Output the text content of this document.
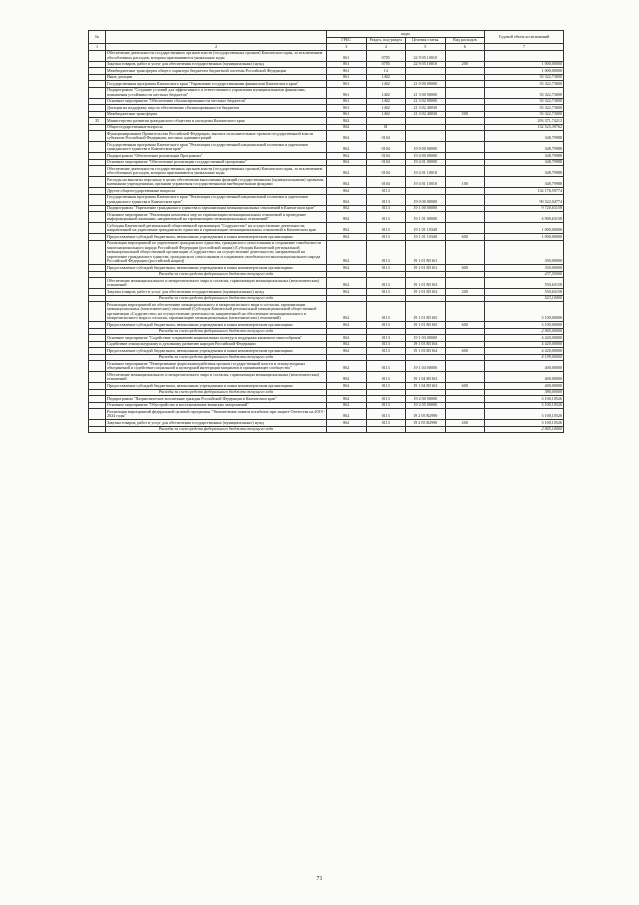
№		коды				Годовой объем ассигнований
		ГРБС	Раздел, под-раздел	Целевая статья	Вид расходов	
1	2	3	4	5	6	7
	Обеспечение деятельности государственных органов власти (государственных органов) Камчатского края, за исключением обособленных расходов, которым присваиваются уникальные коды	861	0705	22 9 05 10010		
	Закупка товаров, работ и услуг для обеспечения государственных (муниципальных) нужд	861	0705	22 9 05 10010	200	1 000,00000
	Межбюджетные трансферты общего характера бюджетам бюджетной системы Российской Федерации	861	14			1 000,00000
	Иные дотации	861	1402			35 322,73000
	Государственная программа Камчатского края "Управление государственными финансами Камчатского края"	861	1402	21 0 00 00000		35 322,73000
	Подпрограмма "Создание условий для эффективного и ответственного управления муниципальными финансами, повышения устойчивости местных бюджетов"	861	1402	21 3 00 00000		35 322,73000
	Основное мероприятие "Обеспечение сбалансированности местных бюджетов"	861	1402	21 3 02 00000		35 322,73000
	Дотации на поддержку мер по обеспечению сбалансированности бюджетов	861	1402	21 3 02 40030		35 322,73000
	Межбюджетные трансферты	861	1402	21 3 02 40030	500	35 322,73000
35	Министерство развития гражданского общества и молодежи Камчатского края	862				293 371,74212
	Общегосударственные вопросы	862	01			132 525,39762
	Функционирование Правительства Российской Федерации, высших исполнительных органов государственной власти субъектов Российской Федерации, местных администраций	862	0104			348,79988
	Государственная программа Камчатского края "Реализация государственной национальной политики и укрепление гражданского единства в Камчатском крае"	862	0104	19 0 00 00000		348,79988
	Подпрограмма "Обеспечение реализации Программы"	862	0104	19 4 00 00000		348,79988
	Основное мероприятие "Обеспечение реализации государственной программы"	862	0104	19 4 01 00000		348,79988
	Обеспечение деятельности государственных органов власти (государственных органов) Камчатского края, за исключением обособленных расходов, которым присваиваются уникальные коды	862	0104	19 4 01 10010		348,79988
	Расходы на выплаты персоналу в целях обеспечения выполнения функций государственными (муниципальными) органами, казенными учреждениями, органами управления государственными внебюджетными фондами	862	0104	19 4 01 10010	100	348,79988
	Другие общегосударственные вопросы	862	0113			132 176,59774
	Государственная программа Камчатского края "Реализация государственной национальной политики и укрепление гражданского единства в Камчатском крае"	862	0113	19 0 00 00000		90 322,04774
	Подпрограмма "Укрепление гражданского единства и гармонизация межнациональных отношений в Камчатском крае"	862	0113	19 1 00 00000		9 720,63158
	Основное мероприятие "Реализация комплекса мер по гармонизации межнациональных отношений и проведение информационной кампании, направленной на гармонизацию межнациональных отношений"	862	0113	19 1 01 00000		4 900,63158
	Субсидия Камчатской региональной общественной организации "Содружество" на осуществление деятельности, направленной на укрепление гражданского единства и гармонизацию межнациональных отношений в Камчатском крае	862	0113	19 1 01 10340		1 000,00000
	Предоставление субсидий бюджетным, автономным учреждениям и иным некоммерческим организациям	862	0113	19 1 01 10340	600	1 000,00000
	Реализация мероприятий по укреплению гражданского единства, гражданского самосознания и сохранение самобытности многонационального народа Российской Федерации (российской нации) (Субсидия Камчатской региональной межнациональной общественной организации «Содружество» на осуществление деятельности, направленной на укрепление гражданского единства, гражданского самосознания и сохранение самобытности многонационального народа Российской Федерации (российской нации))	862	0113	19 1 01 R5161		350,00000
	Предоставление субсидий бюджетным, автономным учреждениям и иным некоммерческим организациям	862	0113	19 1 01 R5161	600	350,00000
	Расходы за счет средств федерального бюджета текущего года					237,55000
	Обеспечение межнационального и межрелигиозного мира и согласия, гармонизации межнациональных (межэтнических) отношений	862	0113	19 1 01 R5163		550,63158
	Закупка товаров, работ и услуг для обеспечения государственных (муниципальных) нужд	862	0113	19 1 01 R5163	200	550,63158
	Расходы за счет средств федерального бюджета текущего года					523,10000
	Реализация мероприятий по обеспечению межнационального и межрелигиозного мира и согласия, гармонизации межнациональных (межэтнических) отношений (Субсидия Камчатской региональной межнациональной общественной организации «Содружество» на осуществление деятельности, направленной на обеспечение межнационального и межрелигиозного мира и согласия, гармонизацию межнациональных (межэтнических) отношений)	862	0113	19 1 01 R5165		3 100,00000
	Предоставление субсидий бюджетным, автономным учреждениям и иным некоммерческим организациям	862	0113	19 1 01 R5165	600	3 100,00000
	Расходы за счет средств федерального бюджета текущего года					2 945,00000
	Основное мероприятие "Содействие сохранению национальных культур и поддержка языкового многообразия"	862	0113	19 1 03 00000		4 420,00000
	Содействие этнокультурному и духовному развитию народов Российской Федерации	862	0113	19 1 03 R5164		4 420,00000
	Предоставление субсидий бюджетным, автономным учреждениям и иным некоммерческим организациям	862	0113	19 1 03 R5164	600	4 420,00000
	Расходы за счет средств федерального бюджета текущего года					4 199,00000
	Основное мероприятие "Развертывание форм взаимодействия органов государственной власти и этнокультурных объединений и содействие социальной и культурной интеграции мигрантов в принимающее сообщество"	862	0113	19 1 04 00000		400,00000
	Обеспечение межнационального и межрелигиозного мира и согласия, гармонизации межнациональных (межэтнических) отношений	862	0113	19 1 04 R5163		400,00000
	Предоставление субсидий бюджетным, автономным учреждениям и иным некоммерческим организациям	862	0113	19 1 04 R5163	600	400,00000
	Расходы за счет средств федерального бюджета текущего года					380,00000
	Подпрограмма "Патриотическое воспитание граждан Российской Федерации в Камчатском крае"	862	0113	19 2 00 00000		3 100,10526
	Основное мероприятие "Обустройство и восстановление воинских захоронений"	862	0113	19 2 05 00000		3 100,10526
	Реализация мероприятий федеральной целевой программы "Увековечение памяти погибших при защите Отечества на 2019 - 2024 годы"	862	0113	19 2 05 R2990		3 100,10526
	Закупка товаров, работ и услуг для обеспечения государственных (муниципальных) нужд	862	0113	19 2 05 R2990	200	3 100,10526
	Расходы за счет средств федерального бюджета текущего года					2 945,10000
71
